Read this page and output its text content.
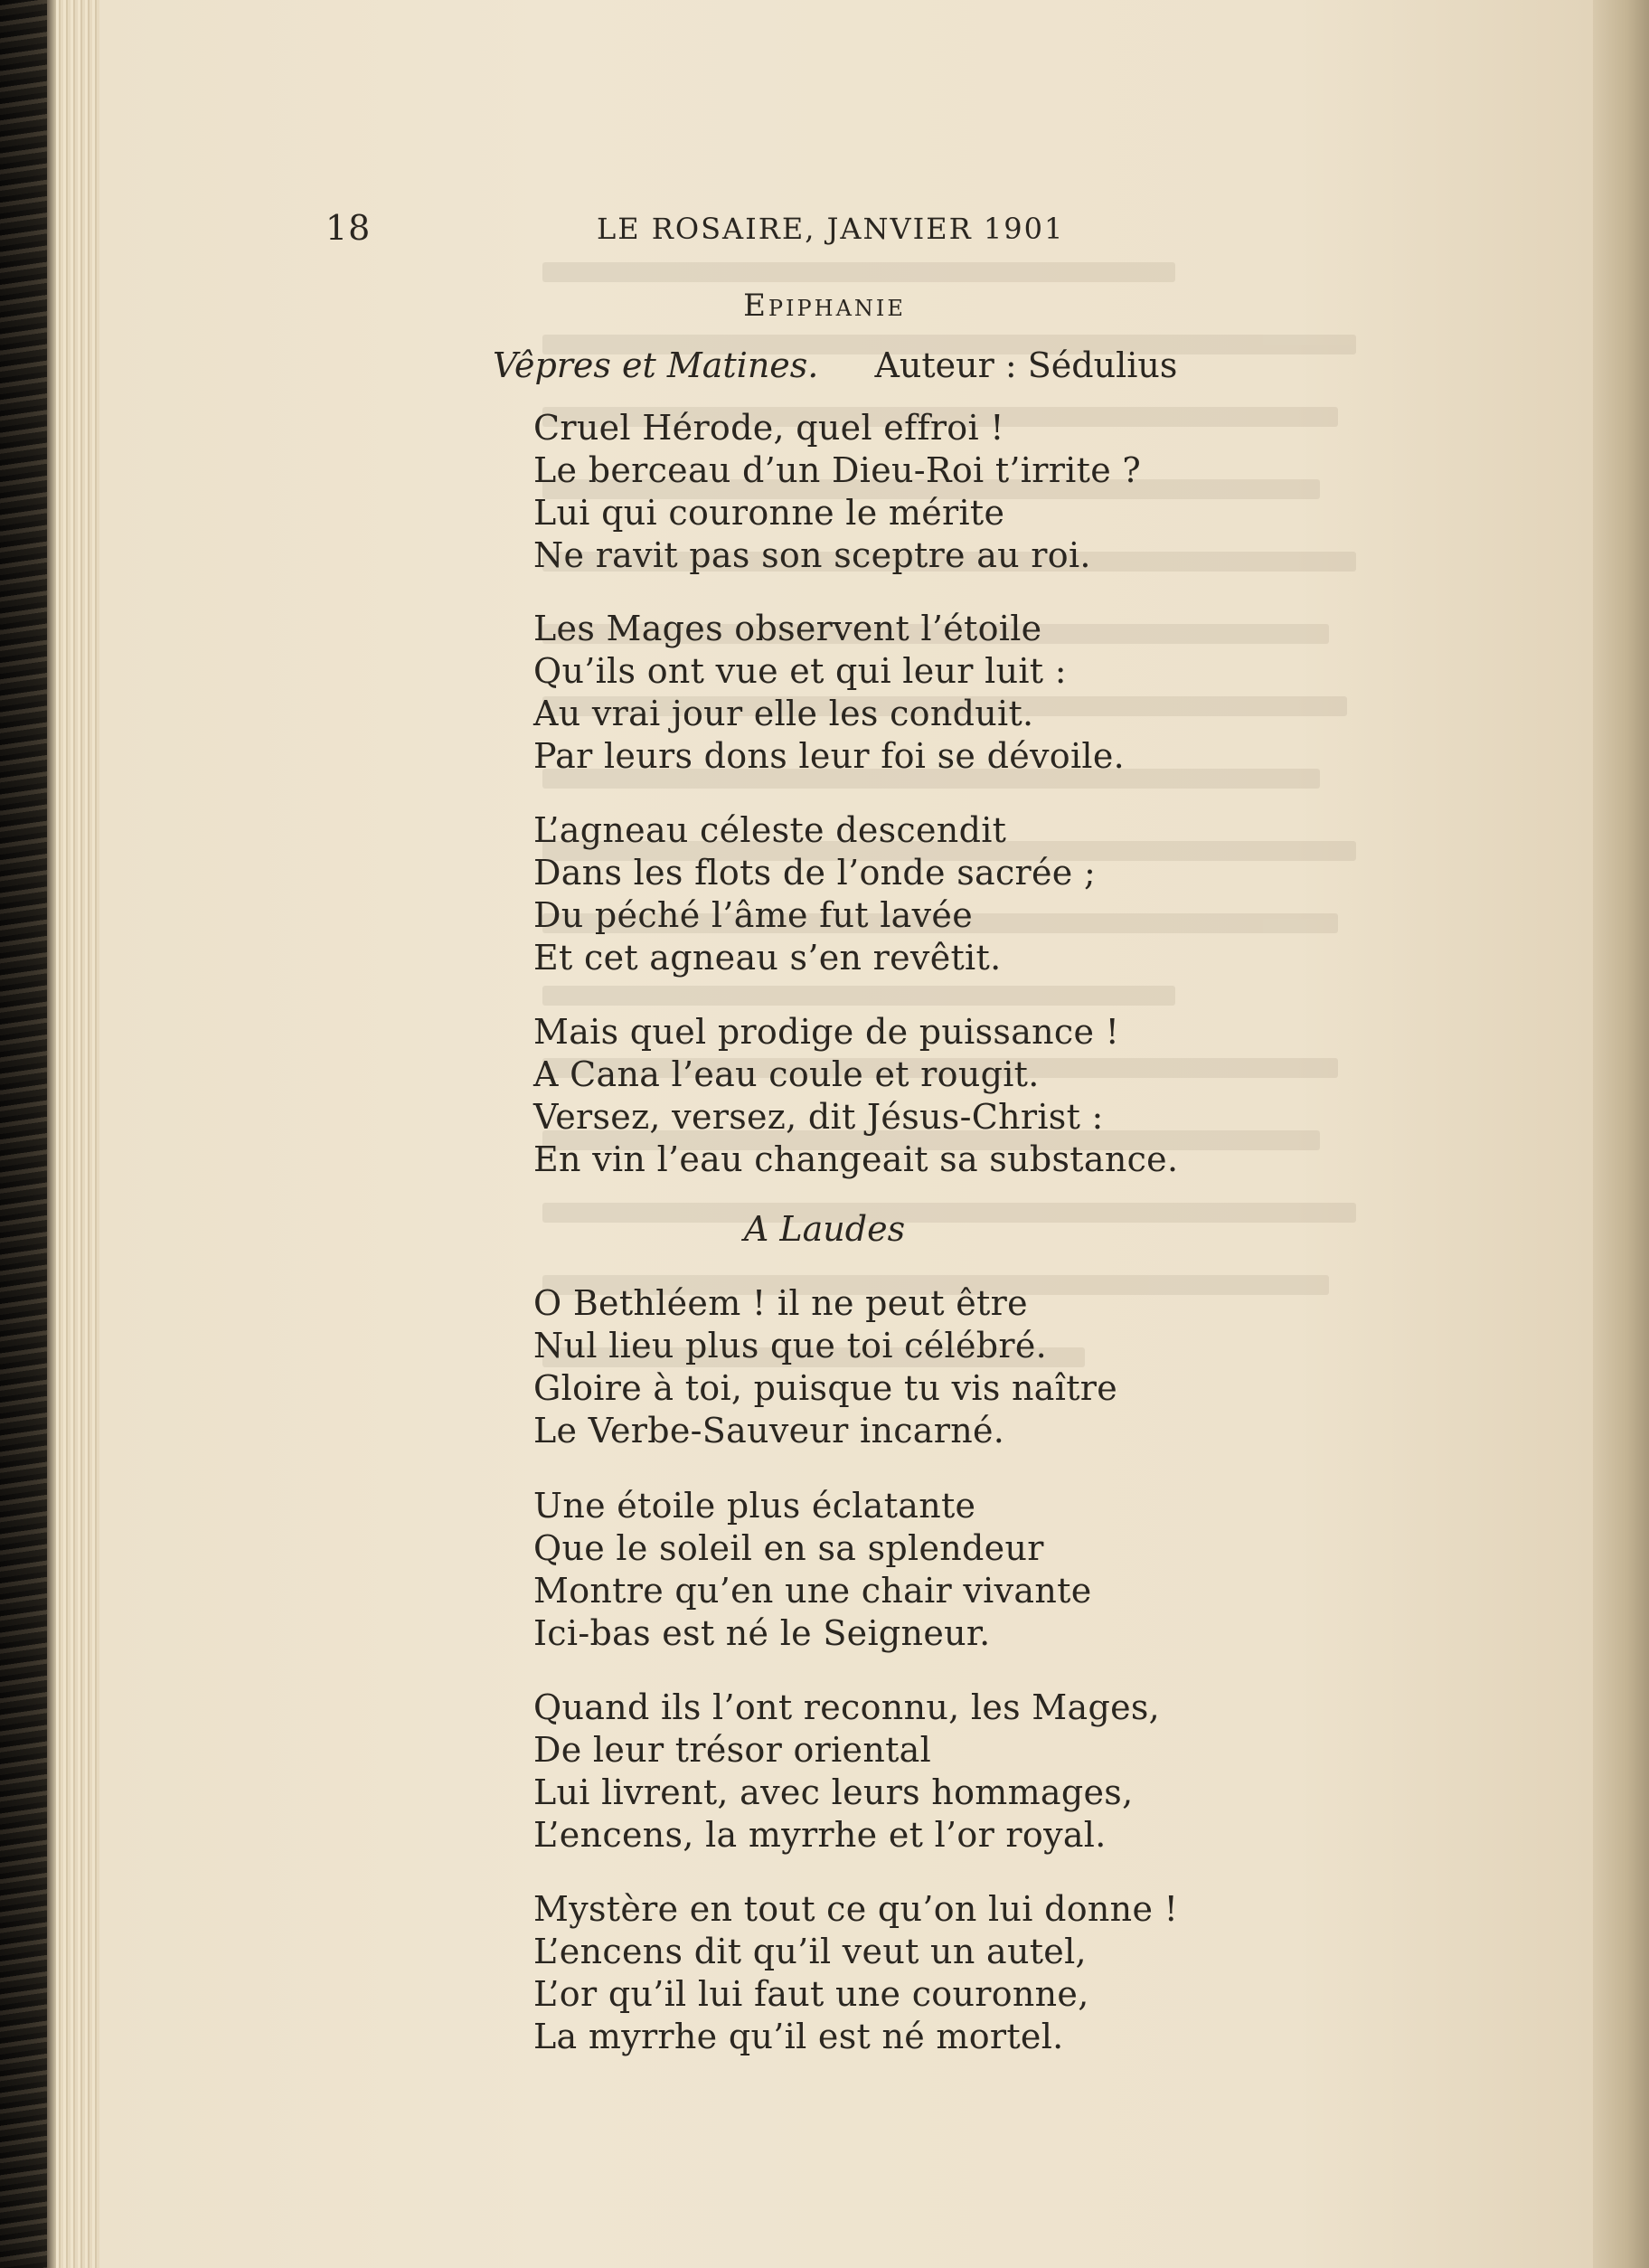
18	LE ROSAIRE, JANVIER 1901
Epiphanie
Vêpres et Matines. Auteur : Sédulius
Cruel Hérode, quel effroi !
Le berceau d’un Dieu-Roi t’irrite ?
Lui qui couronne le mérite
Ne ravit pas son sceptre au roi.
Les Mages observent l’étoile
Qu’ils ont vue et qui leur luit :
Au vrai jour elle les conduit.
Par leurs dons leur foi se dévoile.
L’agneau céleste descendit
Dans les flots de l’onde sacrée ;
Du péché l’âme fut lavée
Et cet agneau s’en revêtit.
Mais quel prodige de puissance !
A Cana l’eau coule et rougit.
Versez, versez, dit Jésus-Christ :
En vin l’eau changeait sa substance.
A Laudes
O Bethléem ! il ne peut être
Nul lieu plus que toi célébré.
Gloire à toi, puisque tu vis naître
Le Verbe-Sauveur incarné.
Une étoile plus éclatante
Que le soleil en sa splendeur
Montre qu’en une chair vivante
Ici-bas est né le Seigneur.
Quand ils l’ont reconnu, les Mages,
De leur trésor oriental
Lui livrent, avec leurs hommages,
L’encens, la myrrhe et l’or royal.
Mystère en tout ce qu’on lui donne !
L’encens dit qu’il veut un autel,
L’or qu’il lui faut une couronne,
La myrrhe qu’il est né mortel.
